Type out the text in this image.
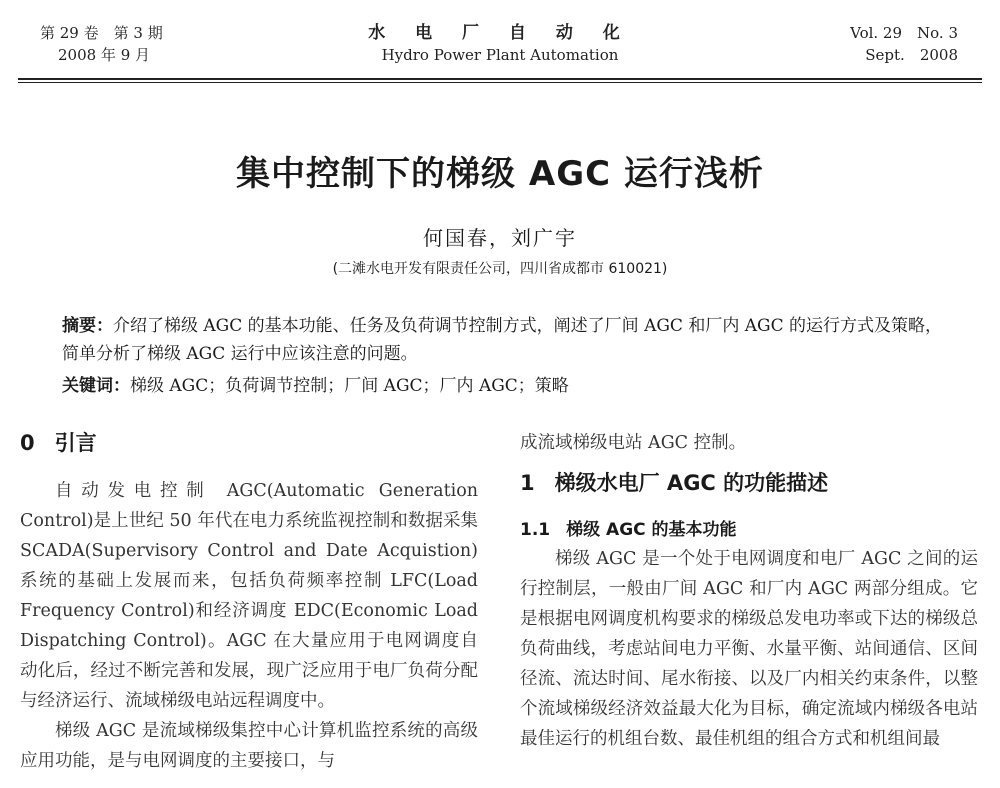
第 29 卷　第 3 期
2008 年 9 月
水 电 厂 自 动 化
Hydro Power Plant Automation
Vol. 29　No. 3
Sept.　2008
集中控制下的梯级 AGC 运行浅析
何国春，刘广宇
(二滩水电开发有限责任公司，四川省成都市 610021)

摘要：介绍了梯级 AGC 的基本功能、任务及负荷调节控制方式，阐述了厂间 AGC 和厂内 AGC 的运行方式及策略，简单分析了梯级 AGC 运行中应该注意的问题。

关键词：梯级 AGC；负荷调节控制；厂间 AGC；厂内 AGC；策略
0 引言

自动发电控制 AGC(Automatic Generation Control)是上世纪 50 年代在电力系统监视控制和数据采集 SCADA(Supervisory Control and Date Acquistion)系统的基础上发展而来，包括负荷频率控制 LFC(Load Frequency Control)和经济调度 EDC(Economic Load Dispatching Control)。AGC 在大量应用于电网调度自动化后，经过不断完善和发展，现广泛应用于电厂负荷分配与经济运行、流域梯级电站远程调度中。

梯级 AGC 是流域梯级集控中心计算机监控系统的高级应用功能，是与电网调度的主要接口，与

成流域梯级电站 AGC 控制。

1 梯级水电厂 AGC 的功能描述
1.1 梯级 AGC 的基本功能

梯级 AGC 是一个处于电网调度和电厂 AGC 之间的运行控制层，一般由厂间 AGC 和厂内 AGC 两部分组成。它是根据电网调度机构要求的梯级总发电功率或下达的梯级总负荷曲线，考虑站间电力平衡、水量平衡、站间通信、区间径流、流达时间、尾水衔接、以及厂内相关约束条件，以整个流域梯级经济效益最大化为目标，确定流域内梯级各电站最佳运行的机组台数、最佳机组的组合方式和机组间最
